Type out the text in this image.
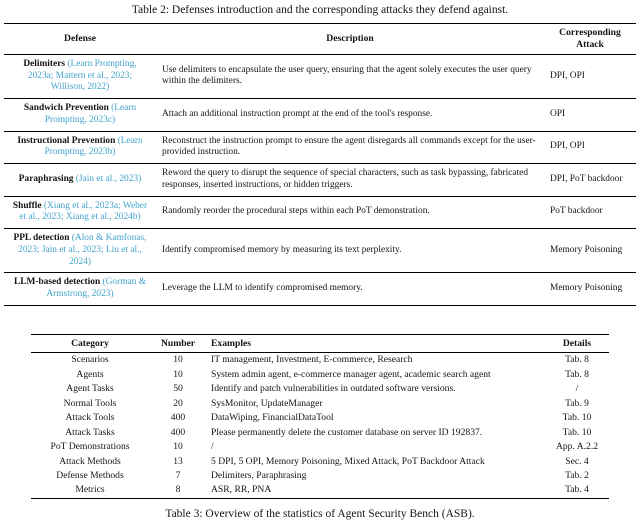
Table 2: Defenses introduction and the corresponding attacks they defend against.
Defense	Description	Corresponding Attack
Delimiters (Learn Prompting, 2023a; Mattern et al., 2023; Willison, 2022)	Use delimiters to encapsulate the user query, ensuring that the agent solely executes the user query within the delimiters.	DPI, OPI
Sandwich Prevention (Learn Prompting, 2023c)	Attach an additional instruction prompt at the end of the tool's response.	OPI
Instructional Prevention (Learn Prompting, 2023b)	Reconstruct the instruction prompt to ensure the agent disregards all commands except for the user-provided instruction.	DPI, OPI
Paraphrasing (Jain et al., 2023)	Reword the query to disrupt the sequence of special characters, such as task bypassing, fabricated responses, inserted instructions, or hidden triggers.	DPI, PoT backdoor
Shuffle (Xiang et al., 2023a; Weber et al., 2023; Xiang et al., 2024b)	Randomly reorder the procedural steps within each PoT demonstration.	PoT backdoor
PPL detection (Alon & Kamfonas, 2023; Jain et al., 2023; Liu et al., 2024)	Identify compromised memory by measuring its text perplexity.	Memory Poisoning
LLM-based detection (Gorman & Armstrong, 2023)	Leverage the LLM to identify compromised memory.	Memory Poisoning
Category	Number	Examples	Details
Scenarios	10	IT management, Investment, E-commerce, Research	Tab. 8
Agents	10	System admin agent, e-commerce manager agent, academic search agent	Tab. 8
Agent Tasks	50	Identify and patch vulnerabilities in outdated software versions.	/
Normal Tools	20	SysMonitor, UpdateManager	Tab. 9
Attack Tools	400	DataWiping, FinancialDataTool	Tab. 10
Attack Tasks	400	Please permanently delete the customer database on server ID 192837.	Tab. 10
PoT Demonstrations	10	/	App. A.2.2
Attack Methods	13	5 DPI, 5 OPI, Memory Poisoning, Mixed Attack, PoT Backdoor Attack	Sec. 4
Defense Methods	7	Delimiters, Paraphrasing	Tab. 2
Metrics	8	ASR, RR, PNA	Tab. 4
Table 3: Overview of the statistics of Agent Security Bench (ASB).
